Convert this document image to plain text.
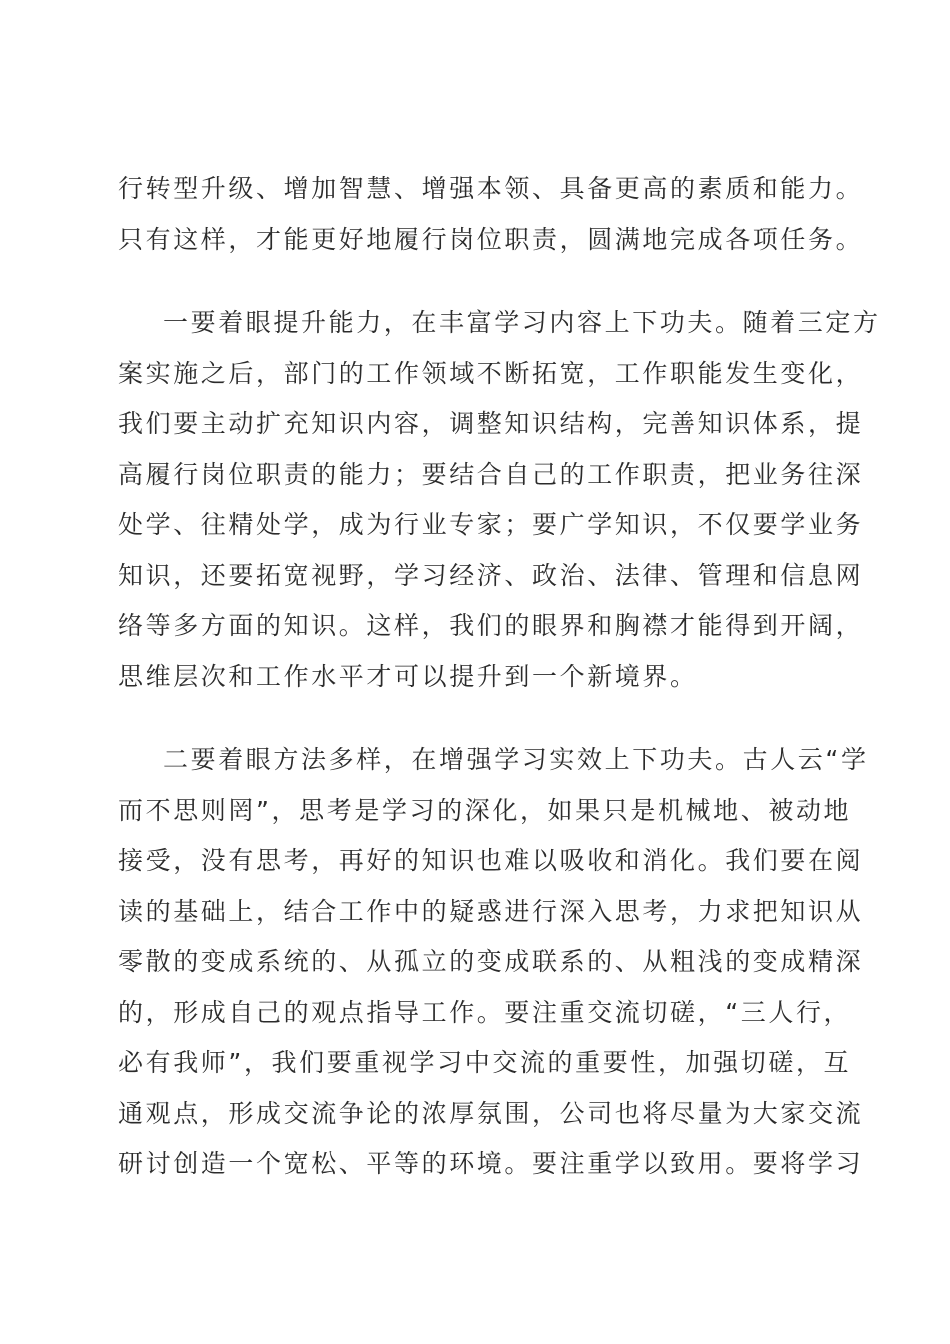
行转型升级、增加智慧、增强本领、具备更高的素质和能力。
只有这样，才能更好地履行岗位职责，圆满地完成各项任务。

一要着眼提升能力，在丰富学习内容上下功夫。随着三定方
案实施之后，部门的工作领域不断拓宽，工作职能发生变化，
我们要主动扩充知识内容，调整知识结构，完善知识体系，提
高履行岗位职责的能力；要结合自己的工作职责，把业务往深
处学、往精处学，成为行业专家；要广学知识，不仅要学业务
知识，还要拓宽视野，学习经济、政治、法律、管理和信息网
络等多方面的知识。这样，我们的眼界和胸襟才能得到开阔，
思维层次和工作水平才可以提升到一个新境界。

二要着眼方法多样，在增强学习实效上下功夫。古人云“学
而不思则罔”，思考是学习的深化，如果只是机械地、被动地
接受，没有思考，再好的知识也难以吸收和消化。我们要在阅
读的基础上，结合工作中的疑惑进行深入思考，力求把知识从
零散的变成系统的、从孤立的变成联系的、从粗浅的变成精深
的，形成自己的观点指导工作。要注重交流切磋，“三人行，
必有我师”，我们要重视学习中交流的重要性，加强切磋，互
通观点，形成交流争论的浓厚氛围，公司也将尽量为大家交流
研讨创造一个宽松、平等的环境。要注重学以致用。要将学习
